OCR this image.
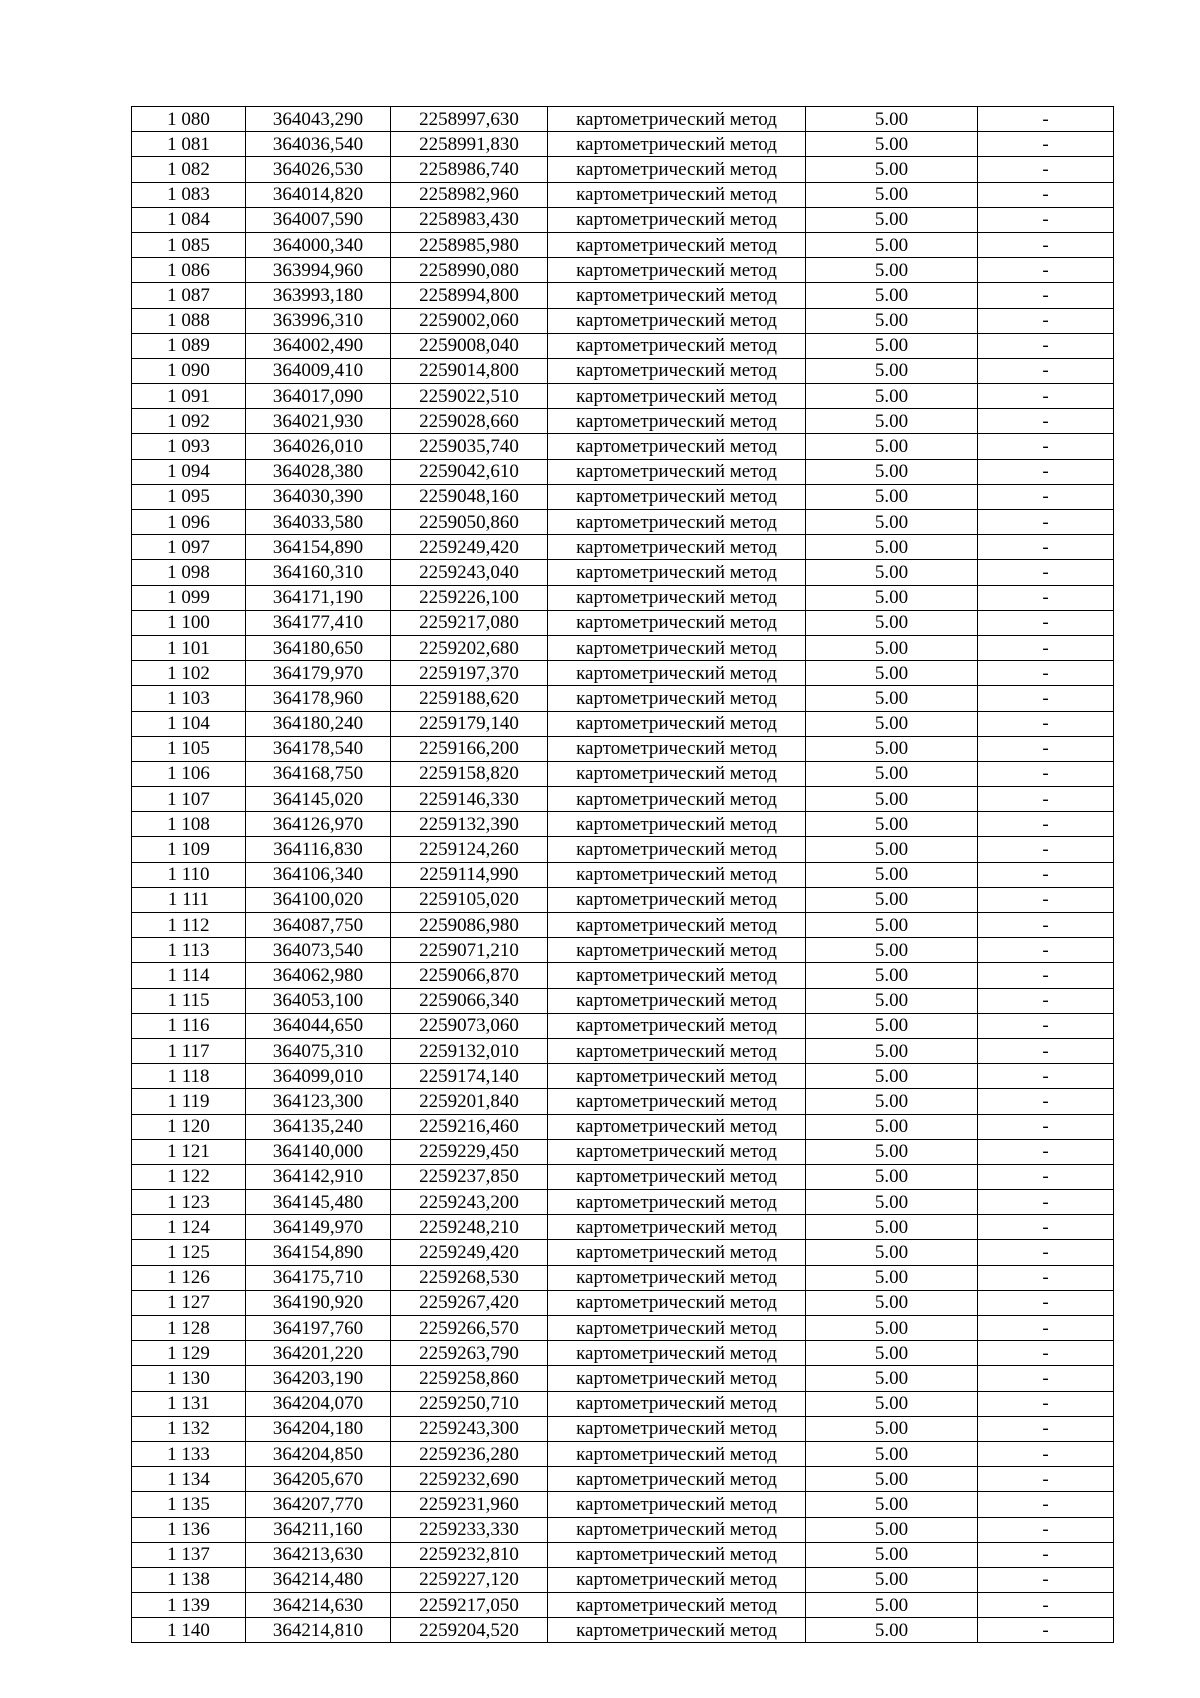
1 080	364043,290	2258997,630	картометрический метод	5.00	-
1 081	364036,540	2258991,830	картометрический метод	5.00	-
1 082	364026,530	2258986,740	картометрический метод	5.00	-
1 083	364014,820	2258982,960	картометрический метод	5.00	-
1 084	364007,590	2258983,430	картометрический метод	5.00	-
1 085	364000,340	2258985,980	картометрический метод	5.00	-
1 086	363994,960	2258990,080	картометрический метод	5.00	-
1 087	363993,180	2258994,800	картометрический метод	5.00	-
1 088	363996,310	2259002,060	картометрический метод	5.00	-
1 089	364002,490	2259008,040	картометрический метод	5.00	-
1 090	364009,410	2259014,800	картометрический метод	5.00	-
1 091	364017,090	2259022,510	картометрический метод	5.00	-
1 092	364021,930	2259028,660	картометрический метод	5.00	-
1 093	364026,010	2259035,740	картометрический метод	5.00	-
1 094	364028,380	2259042,610	картометрический метод	5.00	-
1 095	364030,390	2259048,160	картометрический метод	5.00	-
1 096	364033,580	2259050,860	картометрический метод	5.00	-
1 097	364154,890	2259249,420	картометрический метод	5.00	-
1 098	364160,310	2259243,040	картометрический метод	5.00	-
1 099	364171,190	2259226,100	картометрический метод	5.00	-
1 100	364177,410	2259217,080	картометрический метод	5.00	-
1 101	364180,650	2259202,680	картометрический метод	5.00	-
1 102	364179,970	2259197,370	картометрический метод	5.00	-
1 103	364178,960	2259188,620	картометрический метод	5.00	-
1 104	364180,240	2259179,140	картометрический метод	5.00	-
1 105	364178,540	2259166,200	картометрический метод	5.00	-
1 106	364168,750	2259158,820	картометрический метод	5.00	-
1 107	364145,020	2259146,330	картометрический метод	5.00	-
1 108	364126,970	2259132,390	картометрический метод	5.00	-
1 109	364116,830	2259124,260	картометрический метод	5.00	-
1 110	364106,340	2259114,990	картометрический метод	5.00	-
1 111	364100,020	2259105,020	картометрический метод	5.00	-
1 112	364087,750	2259086,980	картометрический метод	5.00	-
1 113	364073,540	2259071,210	картометрический метод	5.00	-
1 114	364062,980	2259066,870	картометрический метод	5.00	-
1 115	364053,100	2259066,340	картометрический метод	5.00	-
1 116	364044,650	2259073,060	картометрический метод	5.00	-
1 117	364075,310	2259132,010	картометрический метод	5.00	-
1 118	364099,010	2259174,140	картометрический метод	5.00	-
1 119	364123,300	2259201,840	картометрический метод	5.00	-
1 120	364135,240	2259216,460	картометрический метод	5.00	-
1 121	364140,000	2259229,450	картометрический метод	5.00	-
1 122	364142,910	2259237,850	картометрический метод	5.00	-
1 123	364145,480	2259243,200	картометрический метод	5.00	-
1 124	364149,970	2259248,210	картометрический метод	5.00	-
1 125	364154,890	2259249,420	картометрический метод	5.00	-
1 126	364175,710	2259268,530	картометрический метод	5.00	-
1 127	364190,920	2259267,420	картометрический метод	5.00	-
1 128	364197,760	2259266,570	картометрический метод	5.00	-
1 129	364201,220	2259263,790	картометрический метод	5.00	-
1 130	364203,190	2259258,860	картометрический метод	5.00	-
1 131	364204,070	2259250,710	картометрический метод	5.00	-
1 132	364204,180	2259243,300	картометрический метод	5.00	-
1 133	364204,850	2259236,280	картометрический метод	5.00	-
1 134	364205,670	2259232,690	картометрический метод	5.00	-
1 135	364207,770	2259231,960	картометрический метод	5.00	-
1 136	364211,160	2259233,330	картометрический метод	5.00	-
1 137	364213,630	2259232,810	картометрический метод	5.00	-
1 138	364214,480	2259227,120	картометрический метод	5.00	-
1 139	364214,630	2259217,050	картометрический метод	5.00	-
1 140	364214,810	2259204,520	картометрический метод	5.00	-
